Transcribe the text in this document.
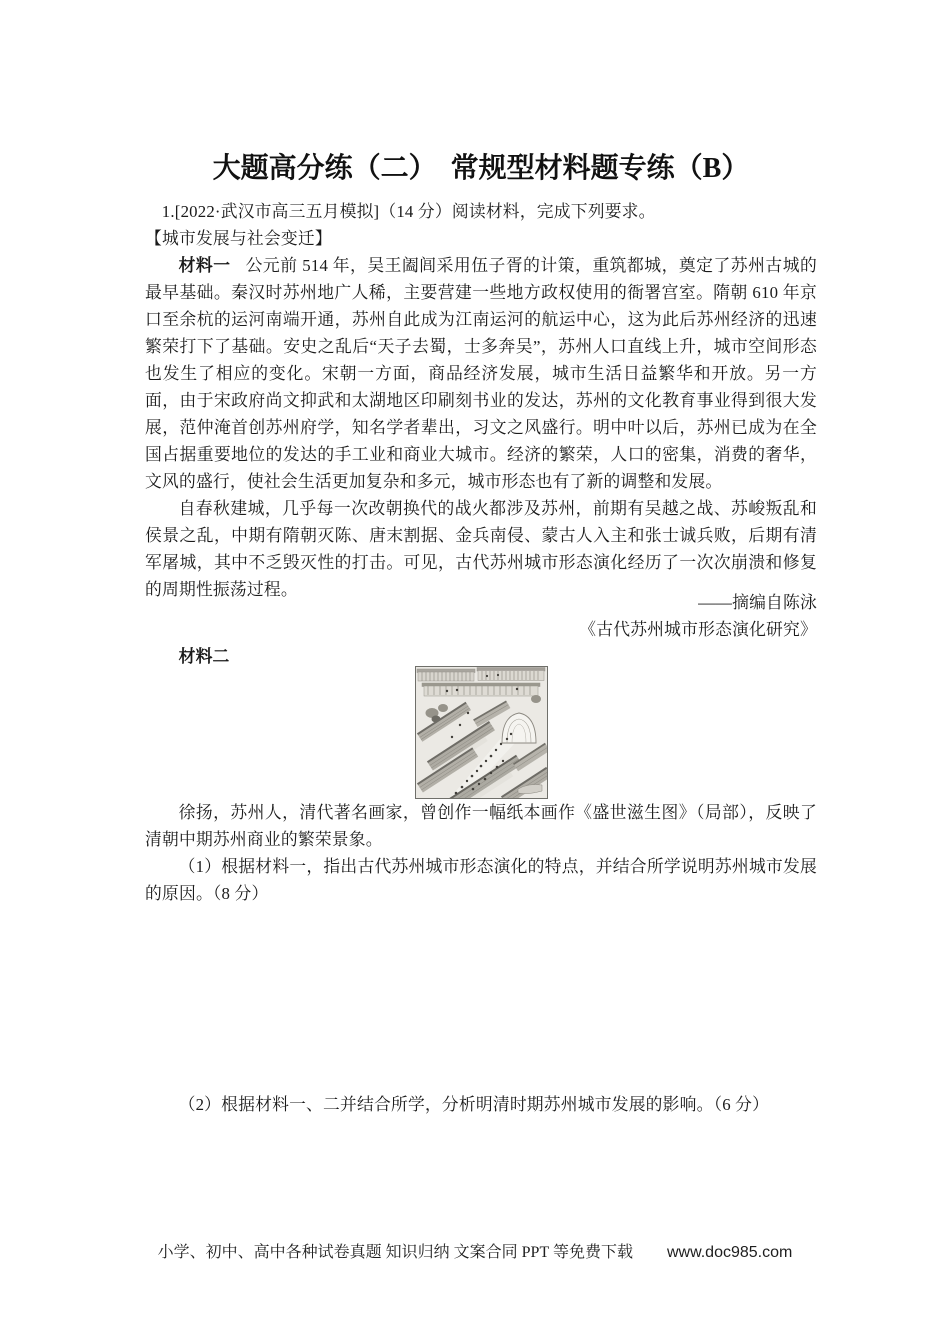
大题高分练（二）　常规型材料题专练（B）

1.[2022·武汉市高三五月模拟]（14 分）阅读材料，完成下列要求。

【城市发展与社会变迁】

材料一 公元前 514 年，吴王阖闾采用伍子胥的计策，重筑都城，奠定了苏州古城的最早基础。秦汉时苏州地广人稀，主要营建一些地方政权使用的衙署宫室。隋朝 610 年京口至余杭的运河南端开通，苏州自此成为江南运河的航运中心，这为此后苏州经济的迅速繁荣打下了基础。安史之乱后“天子去蜀，士多奔吴”，苏州人口直线上升，城市空间形态也发生了相应的变化。宋朝一方面，商品经济发展，城市生活日益繁华和开放。另一方面，由于宋政府尚文抑武和太湖地区印刷刻书业的发达，苏州的文化教育事业得到很大发展，范仲淹首创苏州府学，知名学者辈出，习文之风盛行。明中叶以后，苏州已成为在全国占据重要地位的发达的手工业和商业大城市。经济的繁荣，人口的密集，消费的奢华，文风的盛行，使社会生活更加复杂和多元，城市形态也有了新的调整和发展。

自春秋建城，几乎每一次改朝换代的战火都涉及苏州，前期有吴越之战、苏峻叛乱和侯景之乱，中期有隋朝灭陈、唐末割据、金兵南侵、蒙古人入主和张士诚兵败，后期有清军屠城，其中不乏毁灭性的打击。可见，古代苏州城市形态演化经历了一次次崩溃和修复的周期性振荡过程。

——摘编自陈泳

《古代苏州城市形态演化研究》

材料二

徐扬，苏州人，清代著名画家，曾创作一幅纸本画作《盛世滋生图》（局部），反映了清朝中期苏州商业的繁荣景象。

（1）根据材料一，指出古代苏州城市形态演化的特点，并结合所学说明苏州城市发展的原因。（8 分）

（2）根据材料一、二并结合所学，分析明清时期苏州城市发展的影响。（6 分）

小学、初中、高中各种试卷真题 知识归纳 文案合同 PPT 等免费下载 www.doc985.com
